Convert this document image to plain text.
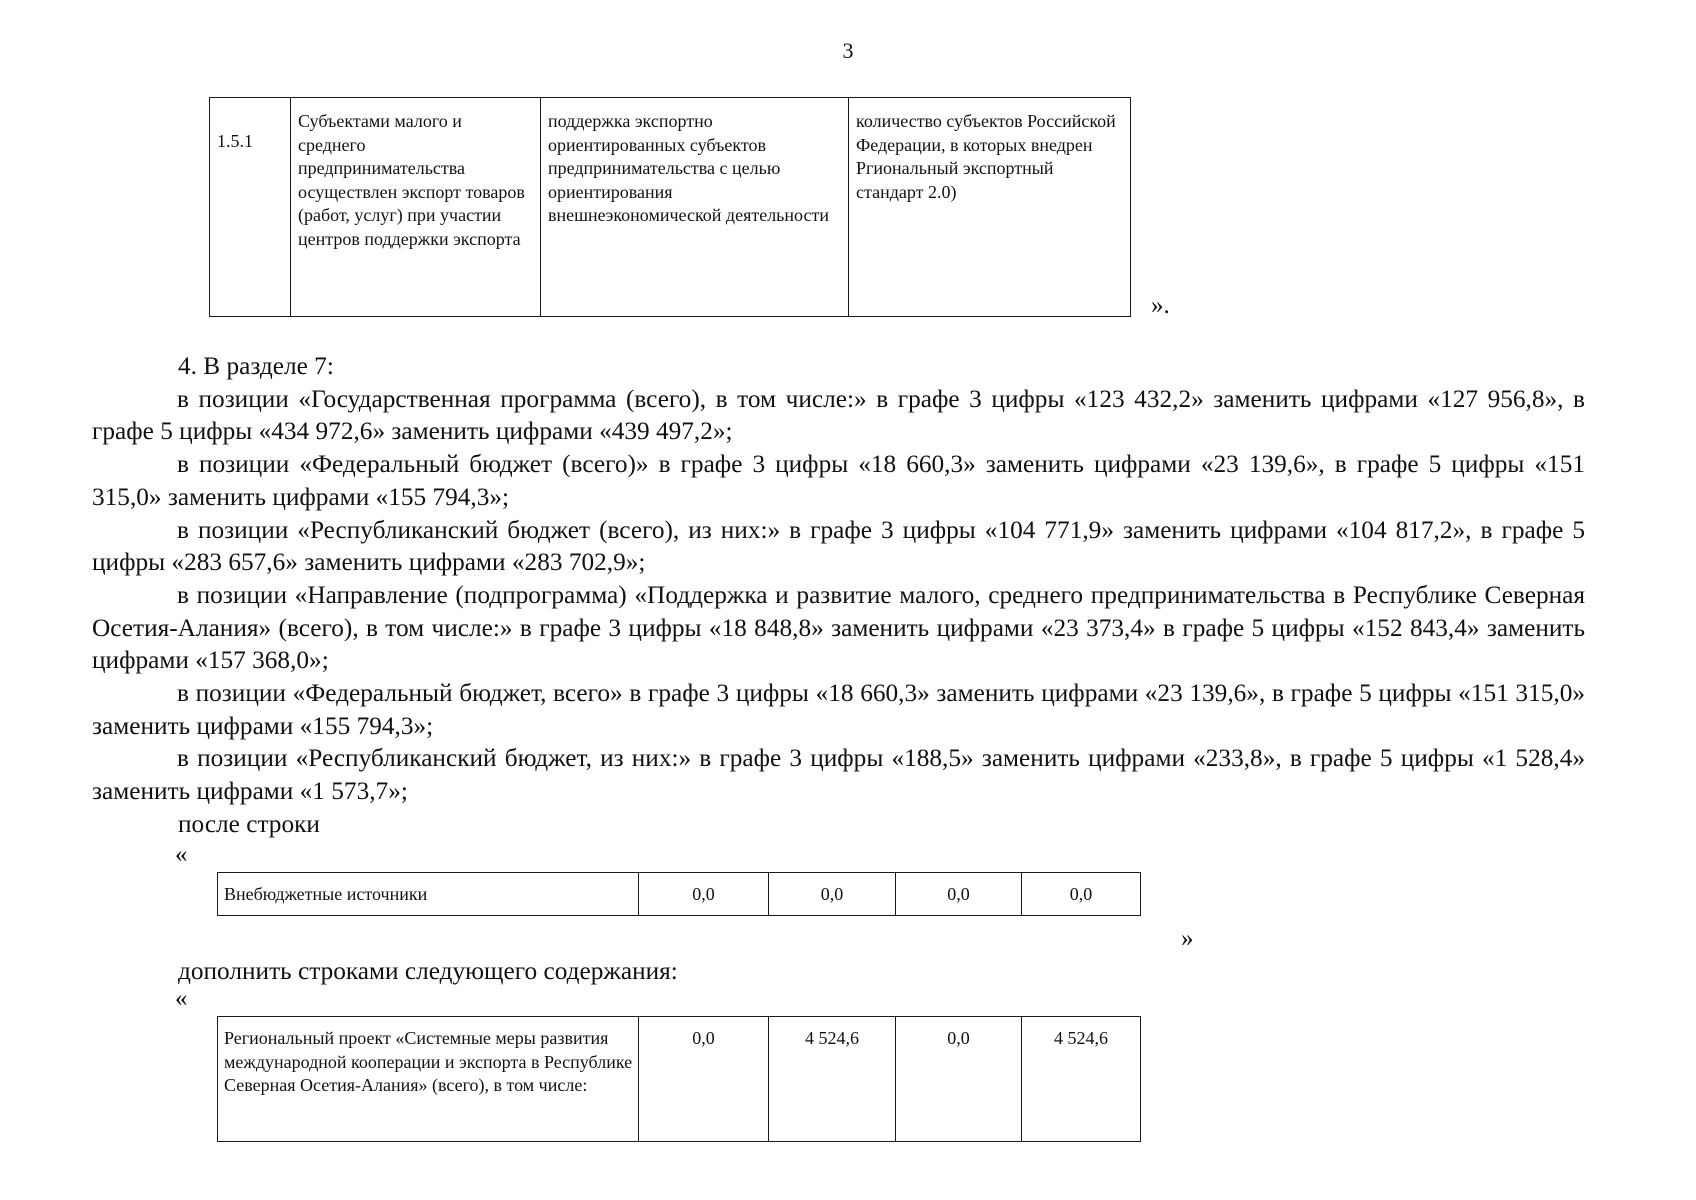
3
1.5.1	Субъектами малого и среднего предпринимательства осуществлен экспорт товаров (работ, услуг) при участии центров поддержки экспорта	поддержка экспортно ориентированных субъектов предпринимательства с целью ориентирования внешнеэкономической деятельности	количество субъектов Российской Федерации, в которых внедрен Ргиональный экспортный стандарт 2.0)
».

4. В разделе 7:

в позиции «Государственная программа (всего), в том числе:» в графе 3 цифры «123 432,2» заменить цифрами «127 956,8», в графе 5 цифры «434 972,6» заменить цифрами «439 497,2»;

в позиции «Федеральный бюджет (всего)» в графе 3 цифры «18 660,3» заменить цифрами «23 139,6», в графе 5 цифры «151 315,0» заменить цифрами «155 794,3»;

в позиции «Республиканский бюджет (всего), из них:» в графе 3 цифры «104 771,9» заменить цифрами «104 817,2», в графе 5 цифры «283 657,6» заменить цифрами «283 702,9»;

в позиции «Направление (подпрограмма) «Поддержка и развитие малого, среднего предпринимательства в Республике Северная Осетия-Алания» (всего), в том числе:» в графе 3 цифры «18 848,8» заменить цифрами «23 373,4» в графе 5 цифры «152 843,4» заменить цифрами «157 368,0»;

в позиции «Федеральный бюджет, всего» в графе 3 цифры «18 660,3» заменить цифрами «23 139,6», в графе 5 цифры «151 315,0» заменить цифрами «155 794,3»;

в позиции «Республиканский бюджет, из них:» в графе 3 цифры «188,5» заменить цифрами «233,8», в графе 5 цифры «1 528,4» заменить цифрами «1 573,7»;

после строки

«
Внебюджетные источники	0,0	0,0	0,0	0,0
»

дополнить строками следующего содержания:

«
Региональный проект «Системные меры развития международной кооперации и экспорта в Республике Северная Осетия-Алания» (всего), в том числе:	0,0	4 524,6	0,0	4 524,6
